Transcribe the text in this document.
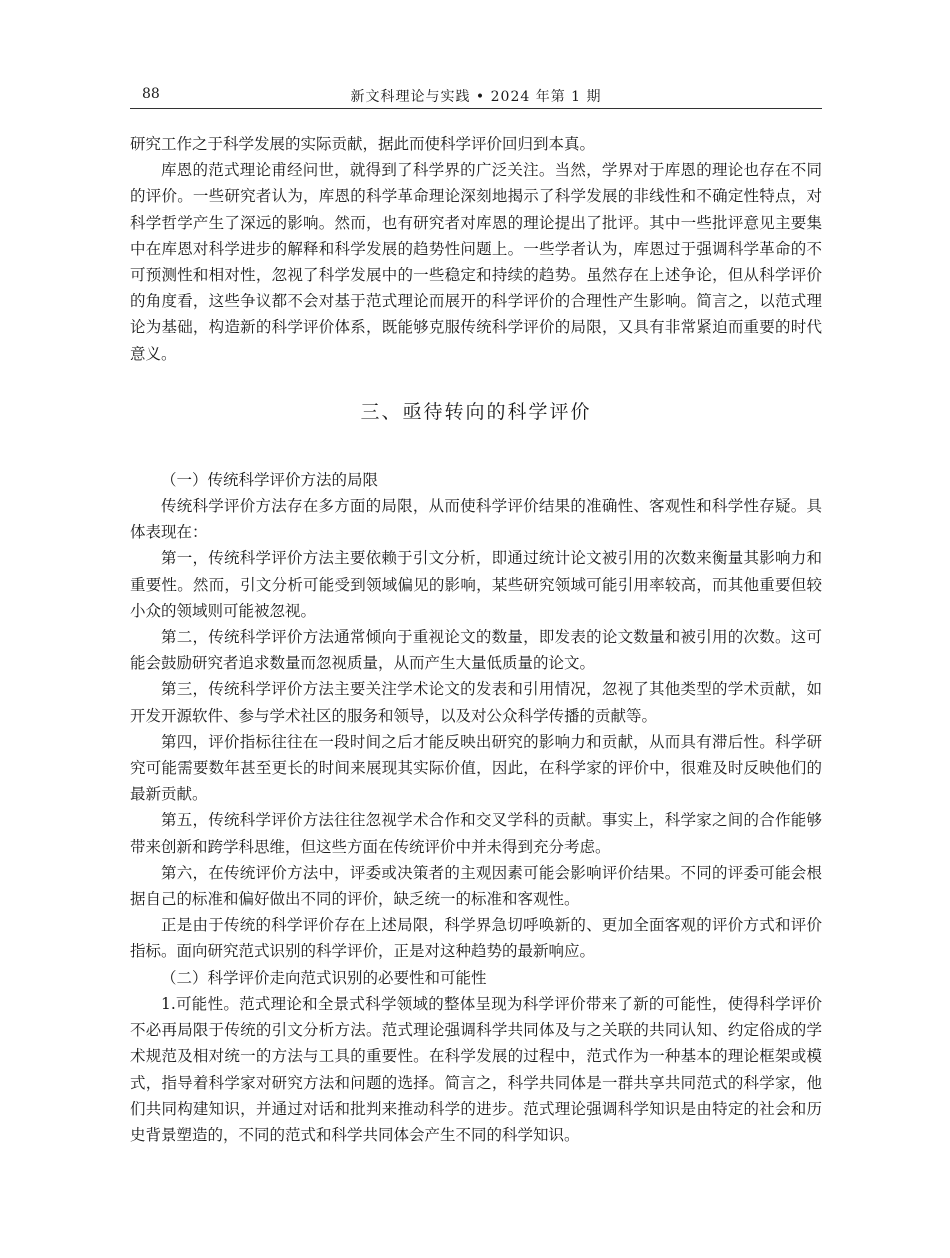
88	新文科理论与实践 • 2024 年第 1 期

研究工作之于科学发展的实际贡献，据此而使科学评价回归到本真。

库恩的范式理论甫经问世，就得到了科学界的广泛关注。当然，学界对于库恩的理论也存在不同的评价。一些研究者认为，库恩的科学革命理论深刻地揭示了科学发展的非线性和不确定性特点，对科学哲学产生了深远的影响。然而，也有研究者对库恩的理论提出了批评。其中一些批评意见主要集中在库恩对科学进步的解释和科学发展的趋势性问题上。一些学者认为，库恩过于强调科学革命的不可预测性和相对性，忽视了科学发展中的一些稳定和持续的趋势。虽然存在上述争论，但从科学评价的角度看，这些争议都不会对基于范式理论而展开的科学评价的合理性产生影响。简言之，以范式理论为基础，构造新的科学评价体系，既能够克服传统科学评价的局限，又具有非常紧迫而重要的时代意义。

三、亟待转向的科学评价

（一）传统科学评价方法的局限

传统科学评价方法存在多方面的局限，从而使科学评价结果的准确性、客观性和科学性存疑。具体表现在：

第一，传统科学评价方法主要依赖于引文分析，即通过统计论文被引用的次数来衡量其影响力和重要性。然而，引文分析可能受到领域偏见的影响，某些研究领域可能引用率较高，而其他重要但较小众的领域则可能被忽视。

第二，传统科学评价方法通常倾向于重视论文的数量，即发表的论文数量和被引用的次数。这可能会鼓励研究者追求数量而忽视质量，从而产生大量低质量的论文。

第三，传统科学评价方法主要关注学术论文的发表和引用情况，忽视了其他类型的学术贡献，如开发开源软件、参与学术社区的服务和领导，以及对公众科学传播的贡献等。

第四，评价指标往往在一段时间之后才能反映出研究的影响力和贡献，从而具有滞后性。科学研究可能需要数年甚至更长的时间来展现其实际价值，因此，在科学家的评价中，很难及时反映他们的最新贡献。

第五，传统科学评价方法往往忽视学术合作和交叉学科的贡献。事实上，科学家之间的合作能够带来创新和跨学科思维，但这些方面在传统评价中并未得到充分考虑。

第六，在传统评价方法中，评委或决策者的主观因素可能会影响评价结果。不同的评委可能会根据自己的标准和偏好做出不同的评价，缺乏统一的标准和客观性。

正是由于传统的科学评价存在上述局限，科学界急切呼唤新的、更加全面客观的评价方式和评价指标。面向研究范式识别的科学评价，正是对这种趋势的最新响应。

（二）科学评价走向范式识别的必要性和可能性

1.可能性。范式理论和全景式科学领域的整体呈现为科学评价带来了新的可能性，使得科学评价不必再局限于传统的引文分析方法。范式理论强调科学共同体及与之关联的共同认知、约定俗成的学术规范及相对统一的方法与工具的重要性。在科学发展的过程中，范式作为一种基本的理论框架或模式，指导着科学家对研究方法和问题的选择。简言之，科学共同体是一群共享共同范式的科学家，他们共同构建知识，并通过对话和批判来推动科学的进步。范式理论强调科学知识是由特定的社会和历史背景塑造的，不同的范式和科学共同体会产生不同的科学知识。
